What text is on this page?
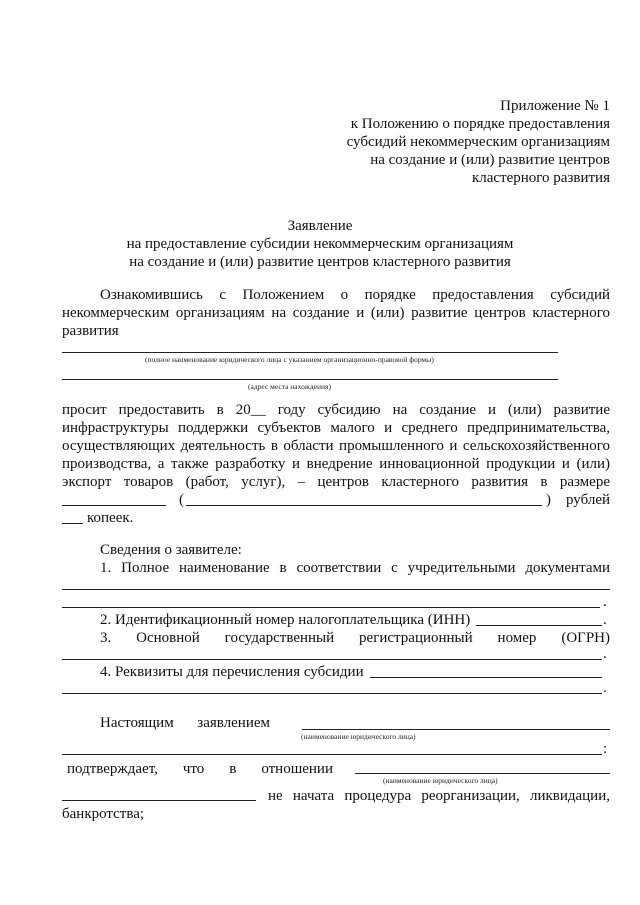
Приложение № 1
к Положению о порядке предоставления
субсидий некоммерческим организациям
на создание и (или) развитие центров
кластерного развития
Заявление
на предоставление субсидии некоммерческим организациям
на создание и (или) развитие центров кластерного развития
Ознакомившись с Положением о порядке предоставления субсидий
некоммерческим организациям на создание и (или) развитие центров кластерного
развития
(полное наименование юридического лица с указанием организационно-правовой формы)
(адрес места нахождения)
просит предоставить в 20__ году субсидию на создание и (или) развитие
инфраструктуры поддержки субъектов малого и среднего предпринимательства,
осуществляющих деятельность в области промышленного и сельскохозяйственного
производства, а также разработку и внедрение инновационной продукции и (или)
экспорт товаров (работ, услуг), – центров кластерного развития в размере
(	) рублей
копеек.
Сведения о заявителе:
1. Полное наименование в соответствии с учредительными документами
.
2. Идентификационный номер налогоплательщика (ИНН)	.
3. Основной государственный регистрационный номер (ОГРН)
.
4. Реквизиты для перечисления субсидии
.
Настоящим заявлением
(наименование юридического лица)
:
подтверждает, что в отношении
(наименование юридического лица)
не начата процедура реорганизации, ликвидации,
банкротства;
